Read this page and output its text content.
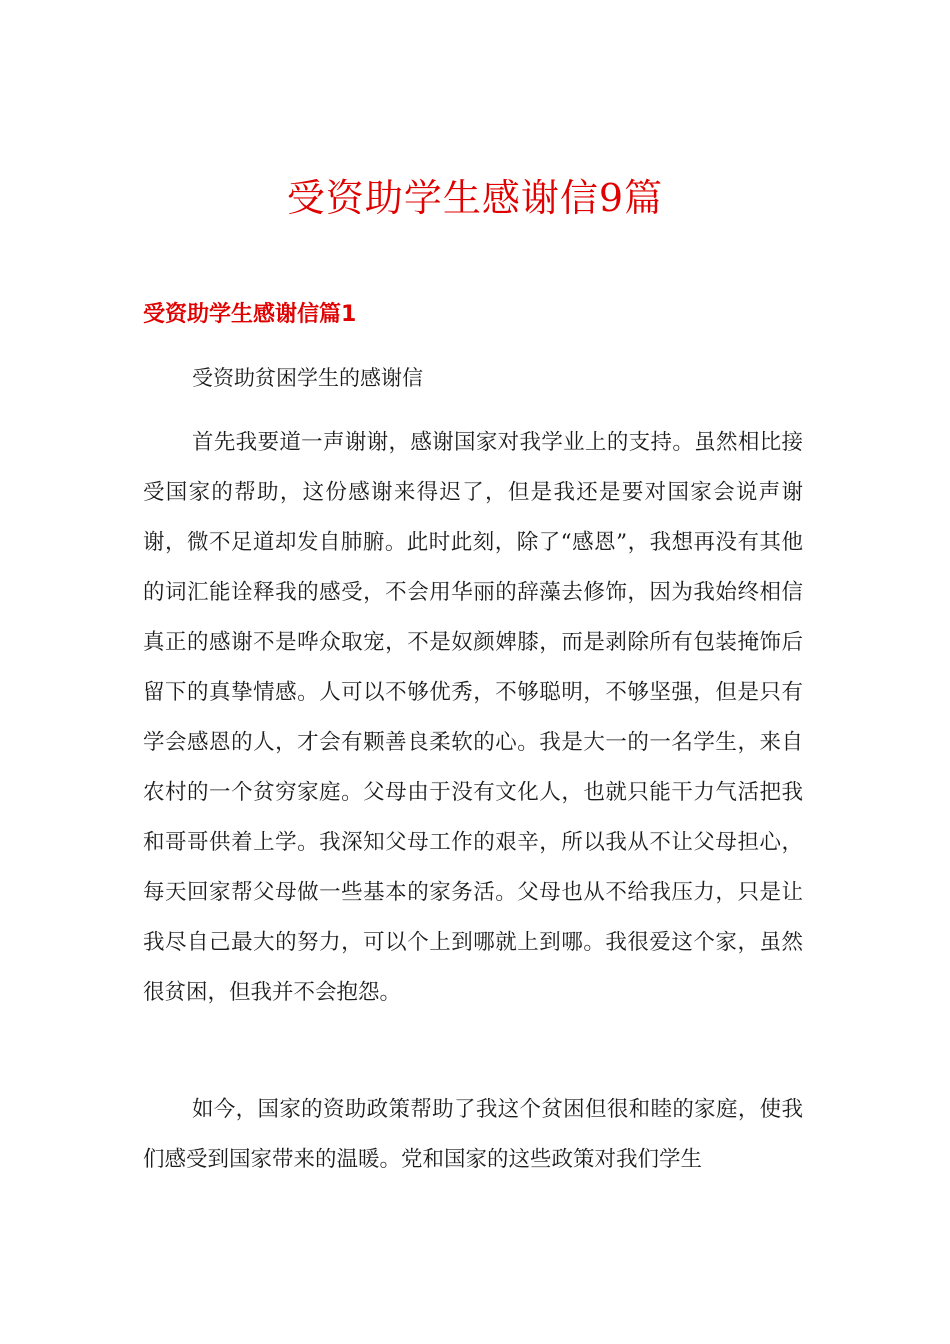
受资助学生感谢信9篇
受资助学生感谢信篇1
受资助贫困学生的感谢信

首先我要道一声谢谢，感谢国家对我学业上的支持。虽然相比接受国家的帮助，这份感谢来得迟了，但是我还是要对国家会说声谢谢，微不足道却发自肺腑。此时此刻，除了“感恩”，我想再没有其他的词汇能诠释我的感受，不会用华丽的辞藻去修饰，因为我始终相信真正的感谢不是哗众取宠，不是奴颜婢膝，而是剥除所有包装掩饰后留下的真挚情感。人可以不够优秀，不够聪明，不够坚强，但是只有学会感恩的人，才会有颗善良柔软的心。我是大一的一名学生，来自农村的一个贫穷家庭。父母由于没有文化人，也就只能干力气活把我和哥哥供着上学。我深知父母工作的艰辛，所以我从不让父母担心，每天回家帮父母做一些基本的家务活。父母也从不给我压力，只是让我尽自己最大的努力，可以个上到哪就上到哪。我很爱这个家，虽然很贫困，但我并不会抱怨。

如今，国家的资助政策帮助了我这个贫困但很和睦的家庭，使我们感受到国家带来的温暖。党和国家的这些政策对我们学生
